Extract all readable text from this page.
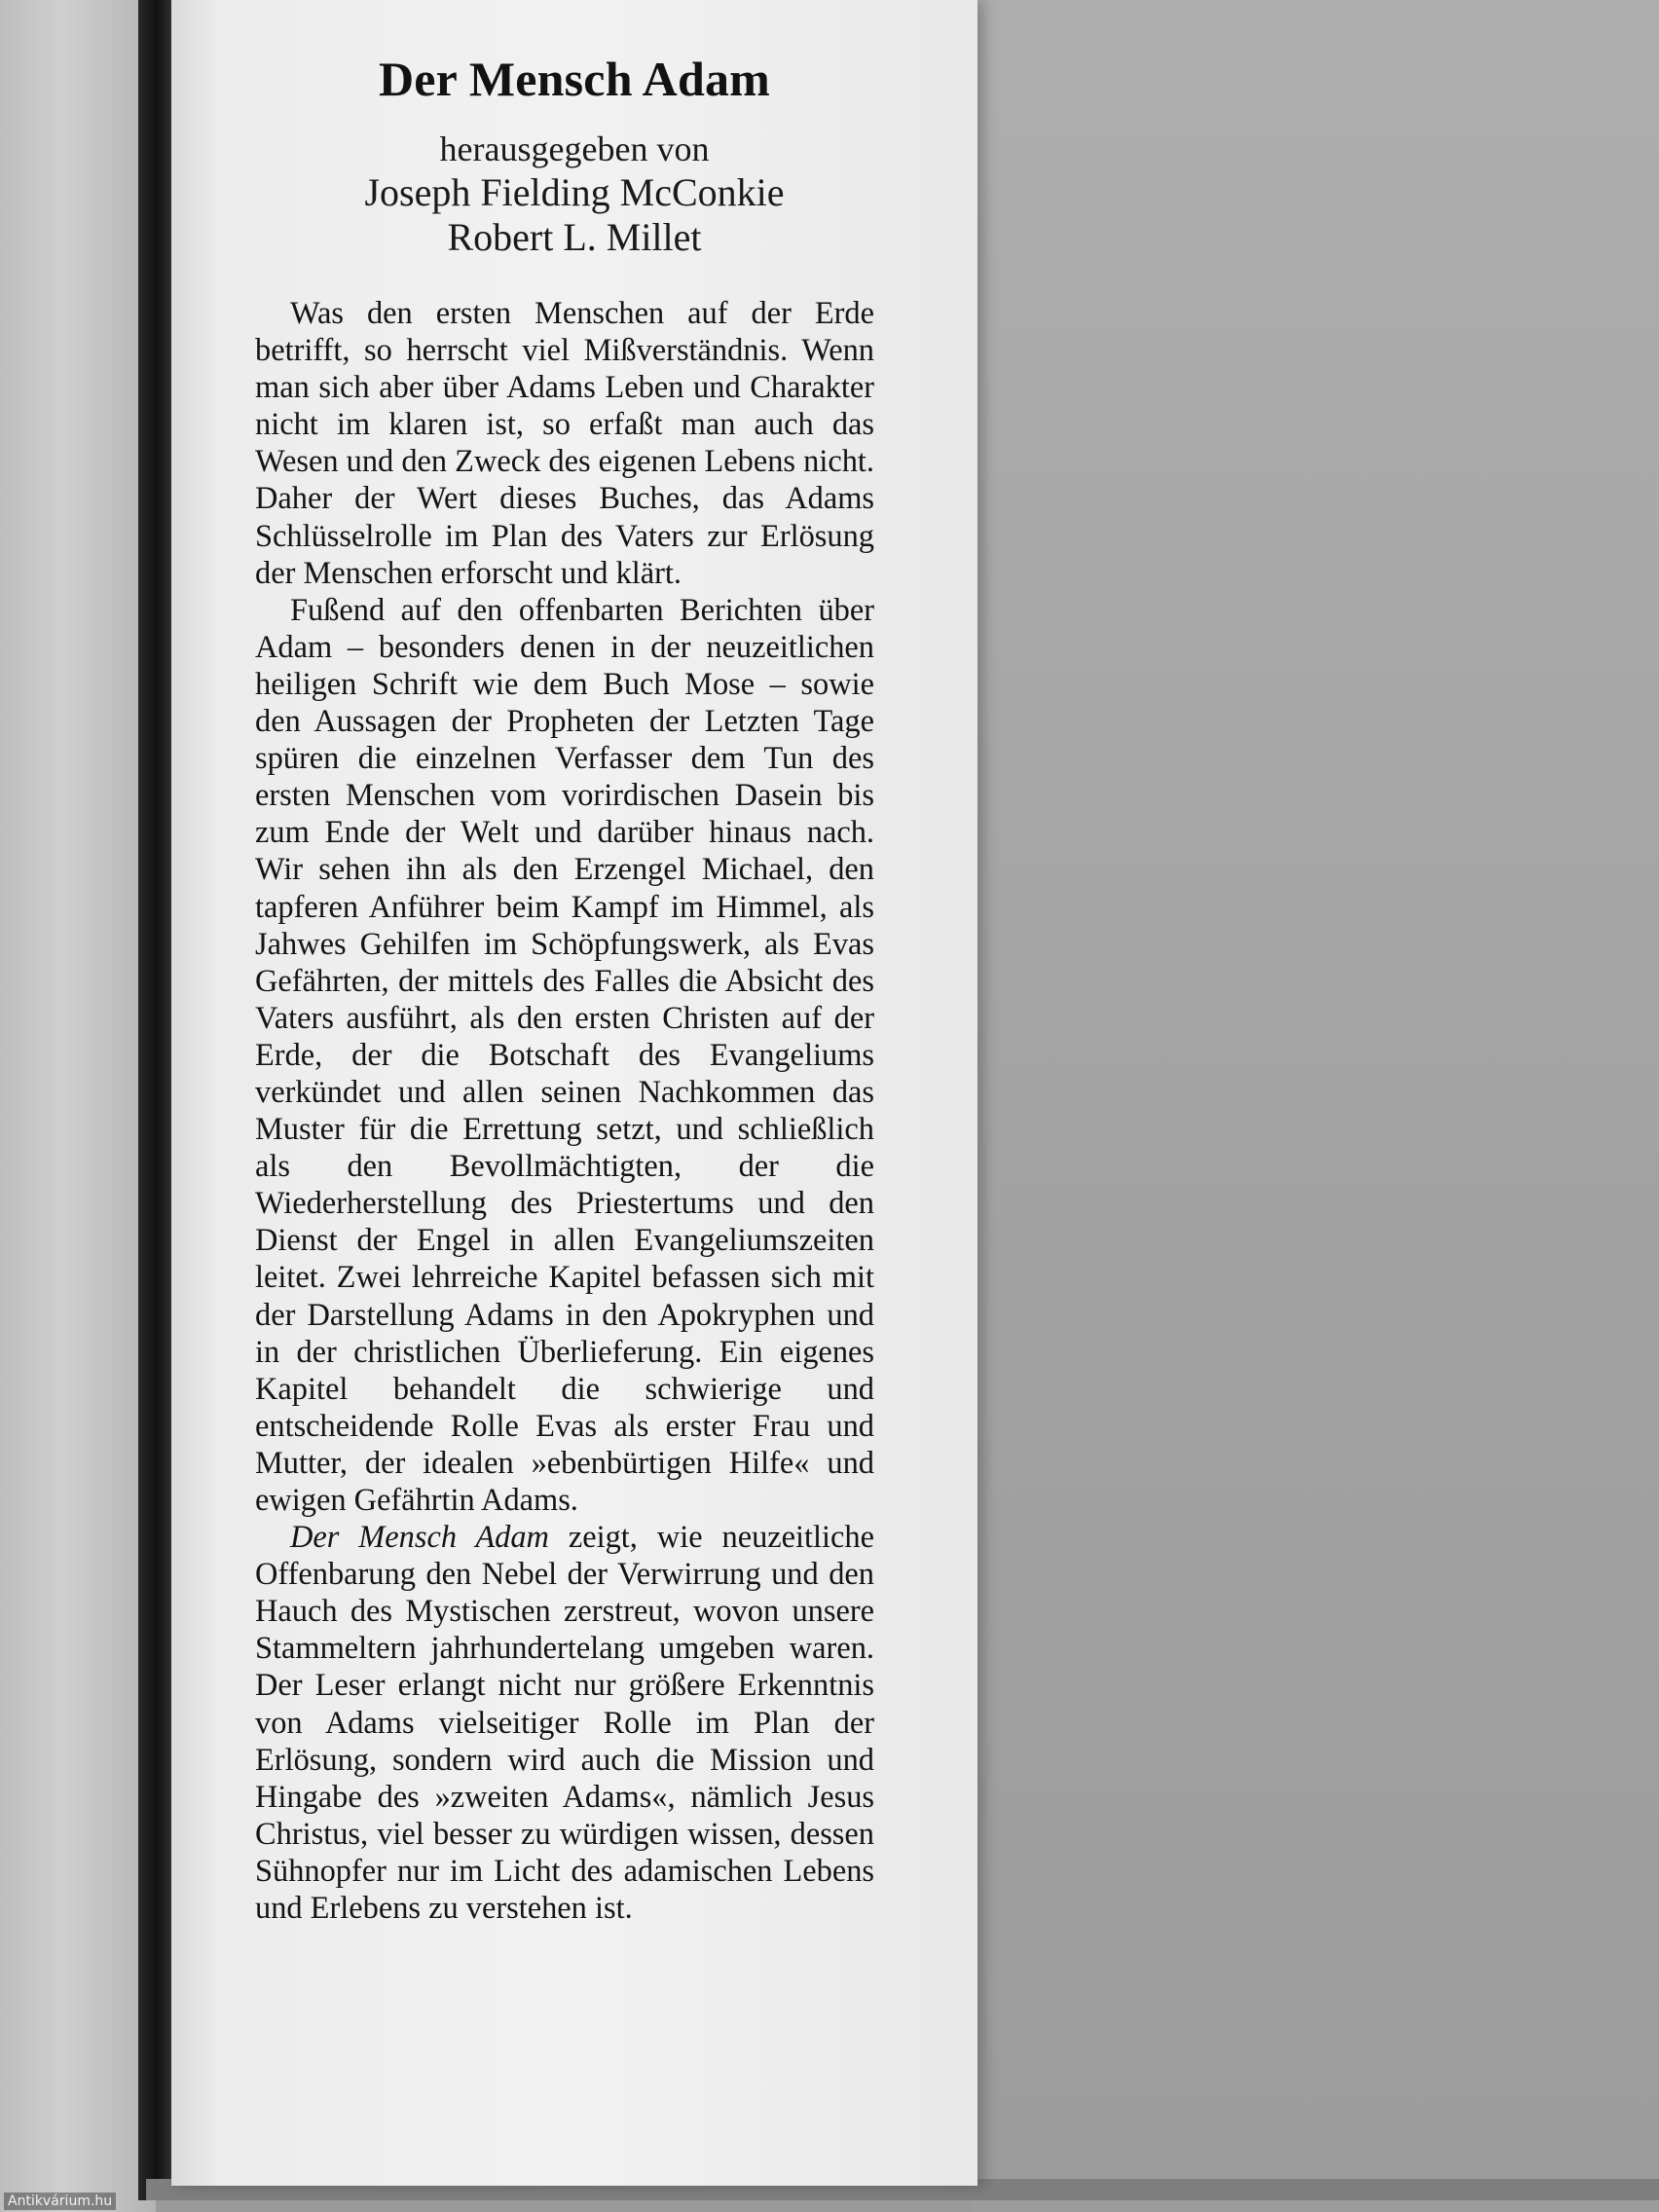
Der Mensch Adam
herausgegeben von
Joseph Fielding McConkie
Robert L. Millet

Was den ersten Menschen auf der Erde betrifft, so herrscht viel Mißverständnis. Wenn man sich aber über Adams Leben und Charakter nicht im klaren ist, so erfaßt man auch das Wesen und den Zweck des eigenen Lebens nicht. Daher der Wert dieses Buches, das Adams Schlüsselrolle im Plan des Vaters zur Erlösung der Menschen erforscht und klärt.

Fußend auf den offenbarten Berichten über Adam – besonders denen in der neuzeitlichen heiligen Schrift wie dem Buch Mose – sowie den Aussagen der Propheten der Letzten Tage spüren die einzelnen Verfasser dem Tun des ersten Menschen vom vorirdischen Dasein bis zum Ende der Welt und darüber hinaus nach. Wir sehen ihn als den Erzengel Michael, den tapferen Anführer beim Kampf im Himmel, als Jahwes Gehilfen im Schöpfungswerk, als Evas Gefährten, der mittels des Falles die Absicht des Vaters ausführt, als den ersten Christen auf der Erde, der die Botschaft des Evangeliums verkündet und allen seinen Nachkommen das Muster für die Errettung setzt, und schließlich als den Bevollmächtigten, der die Wiederherstellung des Priestertums und den Dienst der Engel in allen Evangeliumszeiten leitet. Zwei lehrreiche Kapitel befassen sich mit der Darstellung Adams in den Apokryphen und in der christlichen Überlieferung. Ein eigenes Kapitel behandelt die schwierige und entscheidende Rolle Evas als erster Frau und Mutter, der idealen »ebenbürtigen Hilfe« und ewigen Gefährtin Adams.

Der Mensch Adam zeigt, wie neuzeitliche Offenbarung den Nebel der Verwirrung und den Hauch des Mystischen zerstreut, wovon unsere Stammeltern jahrhundertelang umgeben waren. Der Leser erlangt nicht nur größere Erkenntnis von Adams vielseitiger Rolle im Plan der Erlösung, sondern wird auch die Mission und Hingabe des »zweiten Adams«, nämlich Jesus Christus, viel besser zu würdigen wissen, dessen Sühnopfer nur im Licht des adamischen Lebens und Erlebens zu verstehen ist.

Antikvárium.hu
